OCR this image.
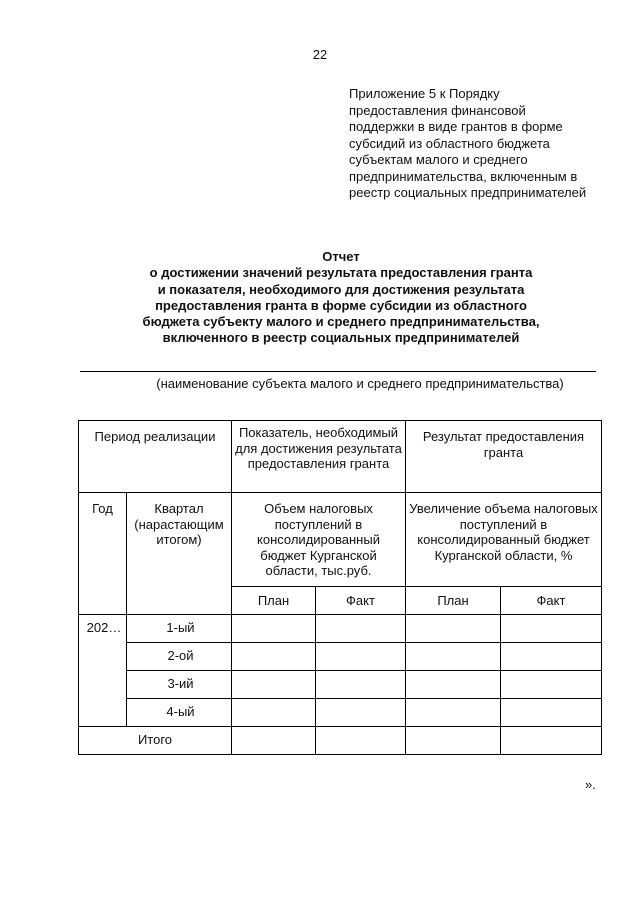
22
Приложение 5 к Порядку
предоставления финансовой
поддержки в виде грантов в форме
субсидий из областного бюджета
субъектам малого и среднего
предпринимательства, включенным в
реестр социальных предпринимателей
Отчет
о достижении значений результата предоставления гранта
и показателя, необходимого для достижения результата
предоставления гранта в форме субсидии из областного
бюджета субъекту малого и среднего предпринимательства,
включенного в реестр социальных предпринимателей
(наименование субъекта малого и среднего предпринимательства)
Период реализации		Показатель, необходимый для достижения результата предоставления гранта		Результат предоставления гранта	

Год	Квартал (нарастающим итогом)	Объем налоговых поступлений в консолидированный бюджет Курганской области, тыс.руб.		Увеличение объема налоговых поступлений в консолидированный бюджет Курганской области, %	

		План	Факт	План	Факт

202…	1-ый				

	2-ой				

	3-ий				

	4-ый				

Итого					

».
